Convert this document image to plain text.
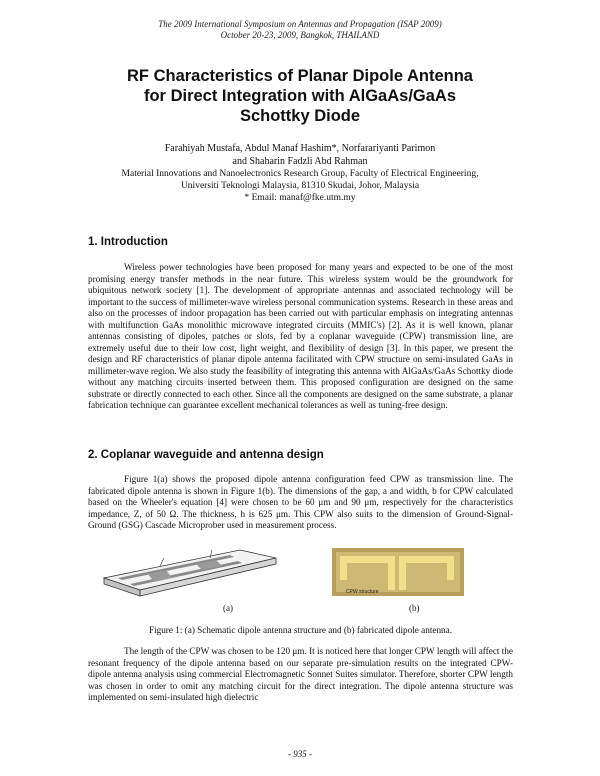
The 2009 International Symposium on Antennas and Propagation (ISAP 2009)
October 20-23, 2009, Bangkok, THAILAND
RF Characteristics of Planar Dipole Antenna
for Direct Integration with AlGaAs/GaAs
Schottky Diode
Farahiyah Mustafa, Abdul Manaf Hashim*, Norfarariyanti Parimon
and Shaharin Fadzli Abd Rahman
Material Innovations and Nanoelectronics Research Group, Faculty of Electrical Engineering,
Universiti Teknologi Malaysia, 81310 Skudai, Johor, Malaysia
* Email: manaf@fke.utm.my
1. Introduction
Wireless power technologies have been proposed for many years and expected to be one of the most promising energy transfer methods in the near future. This wireless system would be the groundwork for ubiquitous network society [1]. The development of appropriate antennas and associated technology will be important to the success of millimeter-wave wireless personal communication systems. Research in these areas and also on the processes of indoor propagation has been carried out with particular emphasis on integrating antennas with multifunction GaAs monolithic microwave integrated circuits (MMIC's) [2]. As it is well known, planar antennas consisting of dipoles, patches or slots, fed by a coplanar waveguide (CPW) transmission line, are extremely useful due to their low cost, light weight, and flexibility of design [3]. In this paper, we present the design and RF characteristics of planar dipole antenna facilitated with CPW structure on semi-insulated GaAs in millimeter-wave region. We also study the feasibility of integrating this antenna with AlGaAs/GaAs Schottky diode without any matching circuits inserted between them. This proposed configuration are designed on the same substrate or directly connected to each other. Since all the components are designed on the same substrate, a planar fabrication technique can guarantee excellent mechanical tolerances as well as tuning-free design.
2. Coplanar waveguide and antenna design
Figure 1(a) shows the proposed dipole antenna configuration feed CPW as transmission line. The fabricated dipole antenna is shown in Figure 1(b). The dimensions of the gap, a and width, b for CPW calculated based on the Wheeler's equation [4] were chosen to be 60 μm and 90 μm, respectively for the characteristics impedance, Z, of 50 Ω. The thickness, h is 625 μm. This CPW also suits to the dimension of Ground-Signal-Ground (GSG) Cascade Microprober used in measurement process.
CPW structure
(a)	(b)
Figure 1: (a) Schematic dipole antenna structure and (b) fabricated dipole antenna.
The length of the CPW was chosen to be 120 μm. It is noticed here that longer CPW length will affect the resonant frequency of the dipole antenna based on our separate pre-simulation results on the integrated CPW-dipole antenna analysis using commercial Electromagnetic Sonnet Suites simulator. Therefore, shorter CPW length was chosen in order to omit any matching circuit for the direct integration. The dipole antenna structure was implemented on semi-insulated high dielectric
- 935 -
